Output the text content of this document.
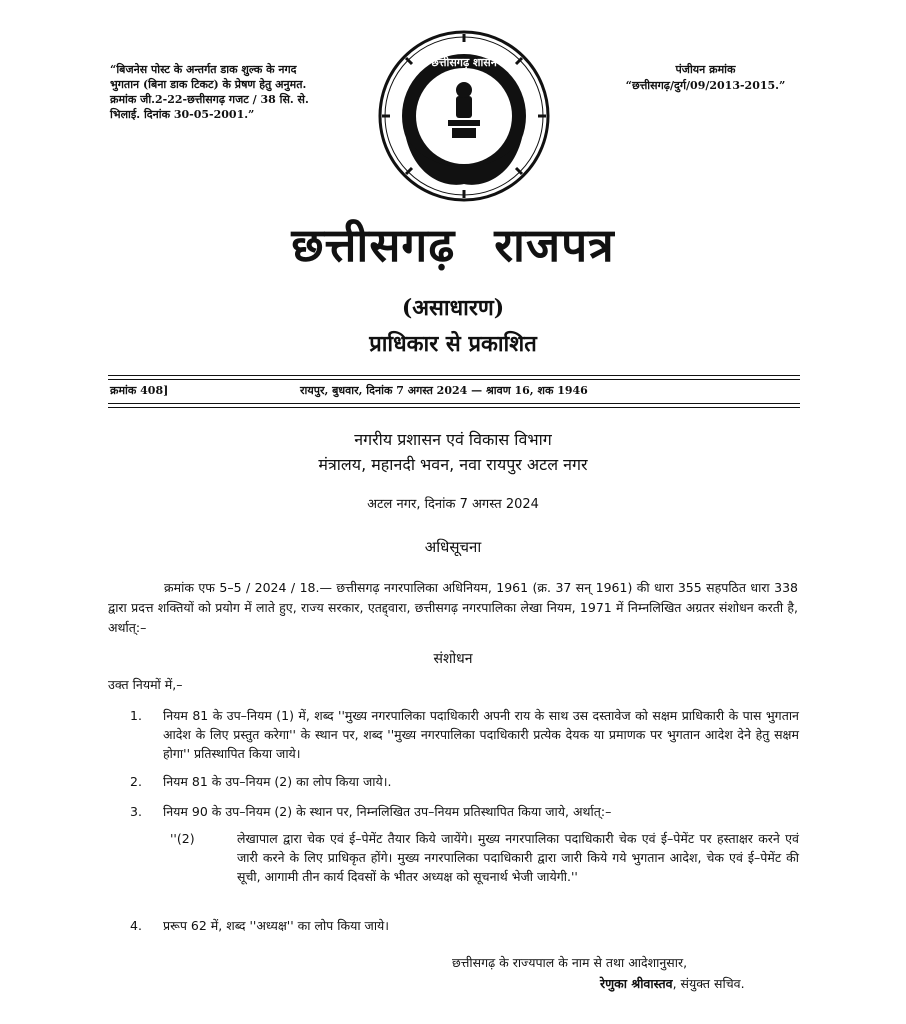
“बिजनेस पोस्ट के अन्तर्गत डाक शुल्क के नगद भुगतान (बिना डाक टिकट) के प्रेषण हेतु अनुमत. क्रमांक जी.2-22-छत्तीसगढ़ गजट / 38 सि. से. भिलाई. दिनांक 30-05-2001.”
पंजीयन क्रमांक
“छत्तीसगढ़/दुर्ग/09/2013-2015.”
सत्यमेव जयते
छत्तीसगढ़ शासन
छत्तीसगढ़ राजपत्र
(असाधारण)
प्राधिकार से प्रकाशित
क्रमांक 408]	रायपुर, बुधवार, दिनांक 7 अगस्त 2024 — श्रावण 16, शक 1946
नगरीय प्रशासन एवं विकास विभाग
मंत्रालय, महानदी भवन, नवा रायपुर अटल नगर
अटल नगर, दिनांक 7 अगस्त 2024
अधिसूचना
क्रमांक एफ 5–5 / 2024 / 18.— छत्तीसगढ़ नगरपालिका अधिनियम, 1961 (क्र. 37 सन् 1961) की धारा 355 सहपठित धारा 338 द्वारा प्रदत्त शक्तियों को प्रयोग में लाते हुए, राज्य सरकार, एतद्द्वारा, छत्तीसगढ़ नगरपालिका लेखा नियम, 1971 में निम्नलिखित अग्रतर संशोधन करती है, अर्थात्:–
संशोधन
उक्त नियमों में,–
1. नियम 81 के उप–नियम (1) में, शब्द ''मुख्य नगरपालिका पदाधिकारी अपनी राय के साथ उस दस्तावेज को सक्षम प्राधिकारी के पास भुगतान आदेश के लिए प्रस्तुत करेगा'' के स्थान पर, शब्द ''मुख्य नगरपालिका पदाधिकारी प्रत्येक देयक या प्रमाणक पर भुगतान आदेश देने हेतु सक्षम होगा'' प्रतिस्थापित किया जाये।
2. नियम 81 के उप–नियम (2) का लोप किया जाये।.
3. नियम 90 के उप–नियम (2) के स्थान पर, निम्नलिखित उप–नियम प्रतिस्थापित किया जाये, अर्थात्:–
''(2)	लेखापाल द्वारा चेक एवं ई–पेमेंट तैयार किये जायेंगे। मुख्य नगरपालिका पदाधिकारी चेक एवं ई–पेमेंट पर हस्ताक्षर करने एवं जारी करने के लिए प्राधिकृत होंगे। मुख्य नगरपालिका पदाधिकारी द्वारा जारी किये गये भुगतान आदेश, चेक एवं ई–पेमेंट की सूची, आगामी तीन कार्य दिवसों के भीतर अध्यक्ष को सूचनार्थ भेजी जायेगी.''
4. प्ररूप 62 में, शब्द ''अध्यक्ष'' का लोप किया जाये।
छत्तीसगढ़ के राज्यपाल के नाम से तथा आदेशानुसार,
रेणुका श्रीवास्तव, संयुक्त सचिव.
